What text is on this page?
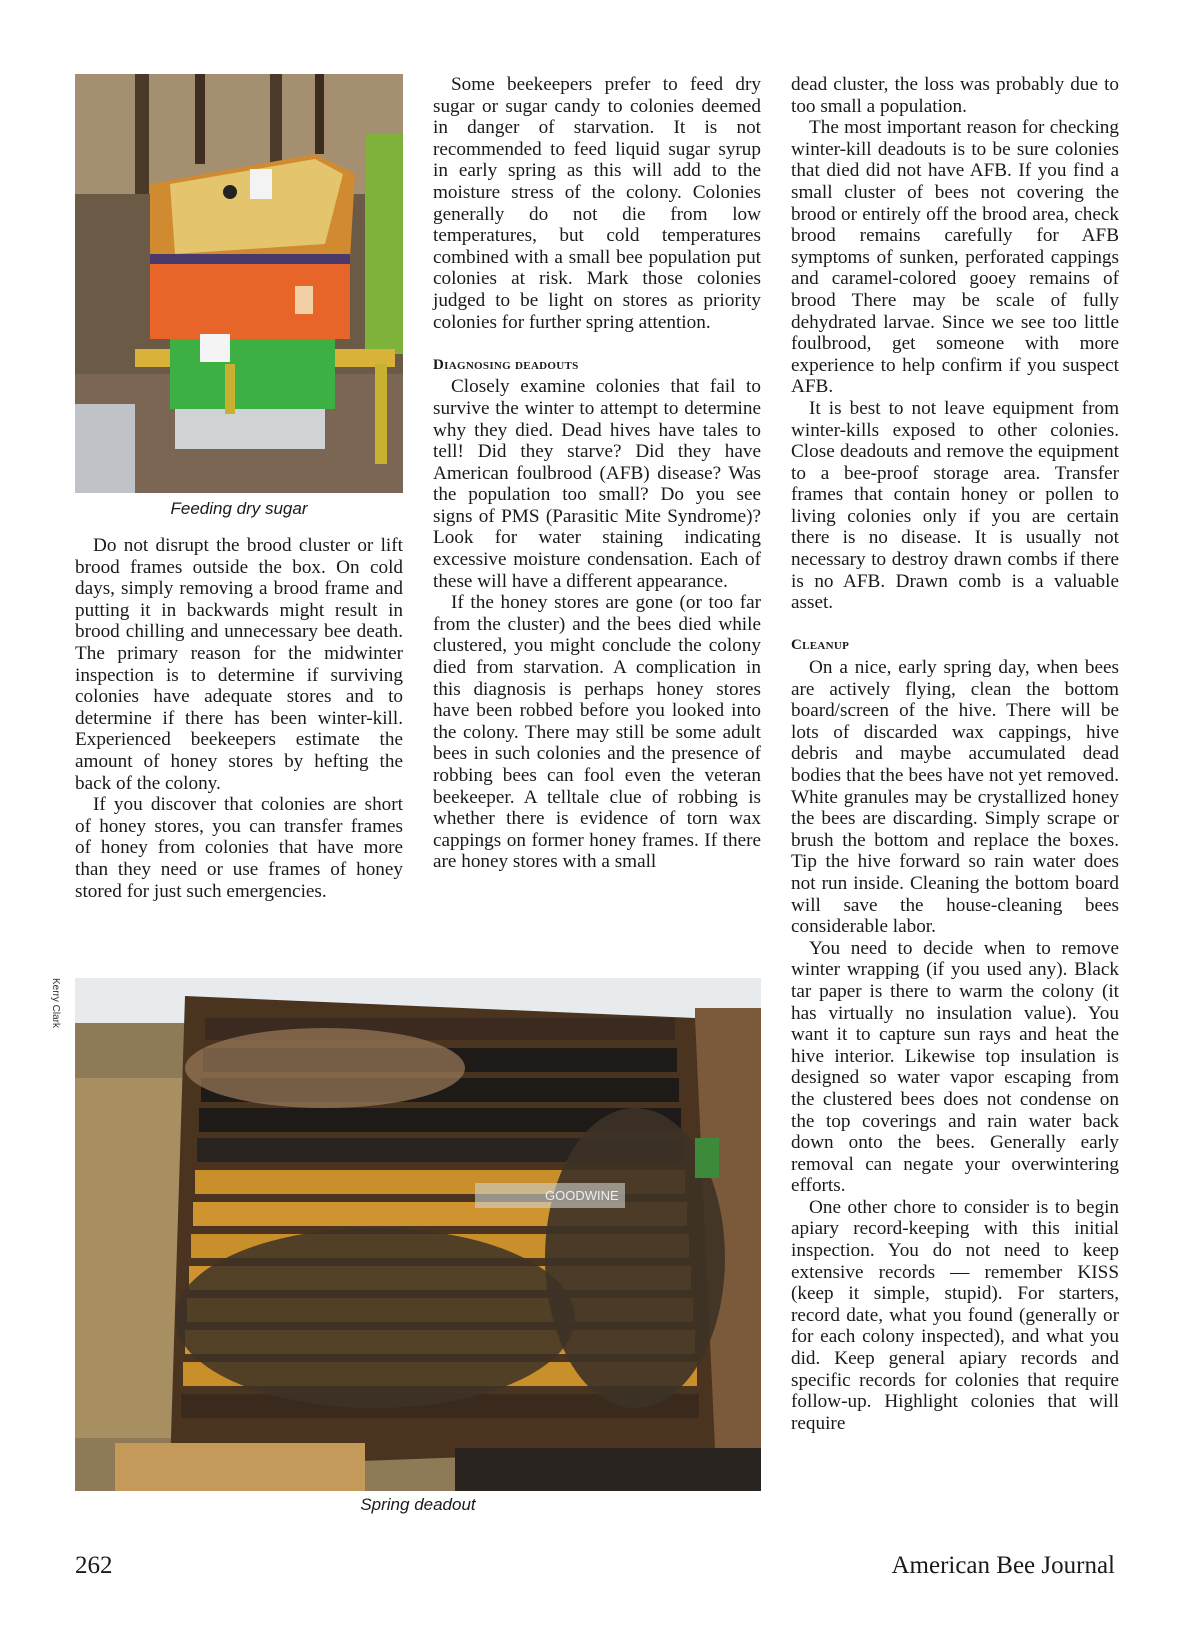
Feeding dry sugar

Do not disrupt the brood cluster or lift brood frames outside the box. On cold days, simply removing a brood frame and putting it in backwards might result in brood chilling and unnecessary bee death. The primary reason for the midwinter inspection is to determine if surviving colonies have adequate stores and to determine if there has been winter-kill. Experienced beekeepers estimate the amount of honey stores by hefting the back of the colony.

If you discover that colonies are short of honey stores, you can transfer frames of honey from colonies that have more than they need or use frames of honey stored for just such emergencies.

Some beekeepers prefer to feed dry sugar or sugar candy to colonies deemed in danger of starvation. It is not recommended to feed liquid sugar syrup in early spring as this will add to the moisture stress of the colony. Colonies generally do not die from low temperatures, but cold temperatures combined with a small bee population put colonies at risk. Mark those colonies judged to be light on stores as priority colonies for further spring attention.

Diagnosing deadouts

Closely examine colonies that fail to survive the winter to attempt to determine why they died. Dead hives have tales to tell! Did they starve? Did they have American foulbrood (AFB) disease? Was the population too small? Do you see signs of PMS (Parasitic Mite Syndrome)? Look for water staining indicating excessive moisture condensation. Each of these will have a different appearance.

If the honey stores are gone (or too far from the cluster) and the bees died while clustered, you might conclude the colony died from starvation. A complication in this diagnosis is perhaps honey stores have been robbed before you looked into the colony. There may still be some adult bees in such colonies and the presence of robbing bees can fool even the veteran beekeeper. A telltale clue of robbing is whether there is evidence of torn wax cappings on former honey frames. If there are honey stores with a small

dead cluster, the loss was probably due to too small a population.

The most important reason for checking winter-kill deadouts is to be sure colonies that died did not have AFB. If you find a small cluster of bees not covering the brood or entirely off the brood area, check brood remains carefully for AFB symptoms of sunken, perforated cappings and caramel-colored gooey remains of brood There may be scale of fully dehydrated larvae. Since we see too little foulbrood, get someone with more experience to help confirm if you suspect AFB.

It is best to not leave equipment from winter-kills exposed to other colonies. Close deadouts and remove the equipment to a bee-proof storage area. Transfer frames that contain honey or pollen to living colonies only if you are certain there is no disease. It is usually not necessary to destroy drawn combs if there is no AFB. Drawn comb is a valuable asset.

Cleanup

On a nice, early spring day, when bees are actively flying, clean the bottom board/screen of the hive. There will be lots of discarded wax cappings, hive debris and maybe accumulated dead bodies that the bees have not yet removed. White granules may be crystallized honey the bees are discarding. Simply scrape or brush the bottom and replace the boxes. Tip the hive forward so rain water does not run inside. Cleaning the bottom board will save the house-cleaning bees considerable labor.

You need to decide when to remove winter wrapping (if you used any). Black tar paper is there to warm the colony (it has virtually no insulation value). You want it to capture sun rays and heat the hive interior. Likewise top insulation is designed so water vapor escaping from the clustered bees does not condense on the top coverings and rain water back down onto the bees. Generally early removal can negate your overwintering efforts.

One other chore to consider is to begin apiary record-keeping with this initial inspection. You do not need to keep extensive records — remember KISS (keep it simple, stupid). For starters, record date, what you found (generally or for each colony inspected), and what you did. Keep general apiary records and specific records for colonies that require follow-up. Highlight colonies that will require

Kerry Clark
GOODWINE
Spring deadout
262	American Bee Journal
